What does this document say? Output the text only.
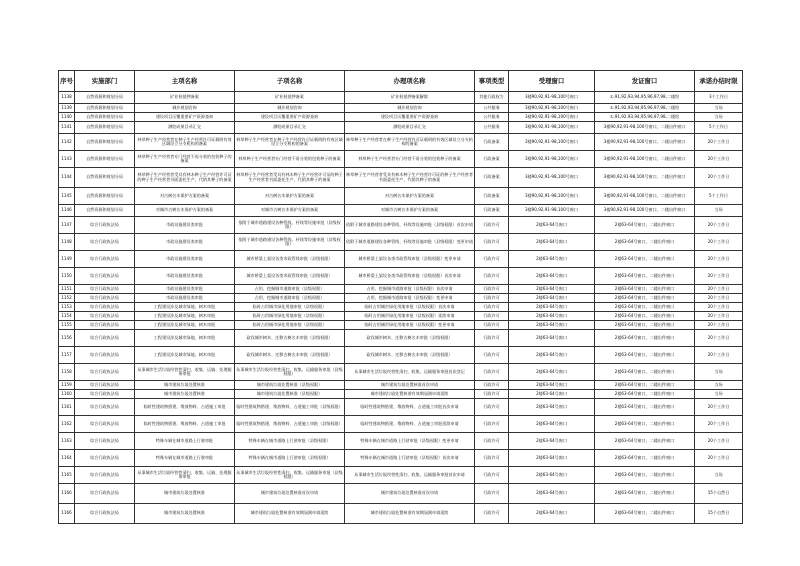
序号	实施部门	主项名称	子项名称	办理项名称	事项类型	受理窗口	发证窗口	承诺办结时限
1138	自然资源和规划分局	矿业权抵押备案	矿业权抵押备案	矿业权抵押备案解除	其他行政权力	3楼90,92,91-98,100号窗口	①,91,92,93,94,95,96,97,98,二楼绘	3个工作日
1139	自然资源和规划分局	城乡规划咨询	城乡规划咨询	城乡规划咨询	公共服务	3楼90,92,91-98,100号窗口	①,91,92,93,94,95,96,97,98,二楼绘	当场
1140	自然资源和规划分局	建设项目压覆重要矿产资源查询	建设项目压覆重要矿产资源查询	建设项目压覆重要矿产资源查询	公共服务	3楼90,92,91-98,100号窗口	①,91,92,93,94,95,96,97,98,二楼绘	当场
1141	自然资源和规划分局	测绘成果目录汇交	测绘成果目录汇交	测绘成果目录汇交	公共服务	3楼90,92,91-98,100号窗口	3楼90,92,91-98,100号窗口，二楼出件窗口	5个工作日
1142	自然资源和规划分局	林草种子生产经营者在种子生产经营许可证载明有效区域设立分支机构的备案	林草种子生产经营者在种子生产经营许可证载明的有效区域设立分支机构的备案	林草种子生产经营者在种子生产经营许可证载明的有效区域设立分支机构的备案	行政备案	3楼90,92,91-98,100号窗口	3楼90,92,91-98,100号窗口，二楼出件窗口	20个工作日
1143	自然资源和规划分局	林草种子生产经营者专门经营不再分装的包装种子的备案	林草种子生产经营者专门经营不再分装的包装种子的备案	林草种子生产经营者专门经营不再分装的包装种子的备案	行政备案	3楼90,92,91-98,100号窗口	3楼90,92,91-98,100号窗口，二楼出件窗口	20个工作日
1144	自然资源和规划分局	林草种子生产经营者受具有林木种子生产经营许可证的种子生产经营者书面委托生产、代销其种子的备案	林草种子生产经营者受具有林木种子生产经营许可证的种子生产经营者书面委托生产、代销其种子的备案	林草种子生产经营者受具有林木种子生产经营许可证的种子生产经营者书面委托生产、代销其种子的备案	行政备案	3楼90,92,91-98,100号窗口	3楼90,92,91-98,100号窗口，二楼出件窗口	20个工作日
1145	自然资源和规划分局	对古树名木保护方案的备案	对古树名木保护方案的备案	对古树名木保护方案的备案	行政备案	3楼90,92,91-98,100号窗口	3楼90,92,91-98,100号窗口，二楼出件窗口	5个工作日
1146	自然资源和规划分局	对城市古树名木保护方案的备案	对城市古树名木保护方案的备案	对城市古树名木保护方案的备案	行政备案	3楼90,92,91-98,100号窗口	3楼90,92,91-98,100号窗口，二楼出件窗口	当场
1147	综合行政执法局	市政设施建设类审批	依附于城市道路建设各种管线、杆线等设施审批（县级权限）	依附于城市道路建设各种管线、杆线等设施审批（县级权限）首次申请	行政许可	2楼63-64号窗口	2楼63-64号窗口，二楼出件窗口	20个工作日
1148	综合行政执法局	市政设施建设类审批	依附于城市道路建设各种管线、杆线等设施审批（县级权限）	依附于城市道路建设各种管线、杆线等设施审批（县级权限）变更申请	行政许可	2楼63-64号窗口	2楼63-64号窗口，二楼出件窗口	20个工作日
1149	综合行政执法局	市政设施建设类审批	城市桥梁上架设各类市政管线审批（县级权限）	城市桥梁上架设各类市政管线审批（县级权限）变更申请	行政许可	2楼63-64号窗口	2楼63-64号窗口，二楼出件窗口	20个工作日
1150	综合行政执法局	市政设施建设类审批	城市桥梁上架设各类市政管线审批（县级权限）	城市桥梁上架设各类市政管线审批（县级权限）首次申请	行政许可	2楼63-64号窗口	2楼63-64号窗口，二楼出件窗口	20个工作日
1151	综合行政执法局	市政设施建设类审批	占用、挖掘城市道路审批（县级权限）	占用、挖掘城市道路审批（县级权限）首次申请	行政许可	2楼63-64号窗口	2楼63-64号窗口，二楼出件窗口	20个工作日
1152	综合行政执法局	市政设施建设类审批	占用、挖掘城市道路审批（县级权限）	占用、挖掘城市道路审批（县级权限）变更申请	行政许可	2楼63-64号窗口	2楼63-64号窗口，二楼出件窗口	20个工作日
1153	综合行政执法局	工程建设涉及城市绿地、树木审批	临时占用城市绿化用地审批（县级权限）	临时占用城市绿化用地审批（县级权限）首次申请	行政许可	2楼63-64号窗口	2楼63-64号窗口，二楼出件窗口	20个工作日
1154	综合行政执法局	工程建设涉及城市绿地、树木审批	临时占用城市绿化用地审批（县级权限）	临时占用城市绿化用地审批（县级权限）延续申请	行政许可	2楼63-64号窗口	2楼63-64号窗口，二楼出件窗口	20个工作日
1155	综合行政执法局	工程建设涉及城市绿地、树木审批	临时占用城市绿化用地审批（县级权限）	临时占用城市绿化用地审批（县级权限）变更申请	行政许可	2楼63-64号窗口	2楼63-64号窗口，二楼出件窗口	20个工作日
1156	综合行政执法局	工程建设涉及城市绿地、树木审批	砍伐城市树木、迁移古树名木审批（县级权限）	砍伐城市树木、迁移古树名木审批（县级权限）	行政许可	2楼63-64号窗口	2楼63-64号窗口，二楼出件窗口	20个工作日
1157	综合行政执法局	工程建设涉及城市绿地、树木审批	砍伐城市树木、迁移古树名木审批（县级权限）	砍伐城市树木、迁移古树名木审批（县级权限）	行政许可	2楼63-64号窗口	2楼63-64号窗口，二楼出件窗口	20个工作日
1158	综合行政执法局	从事城市生活垃圾经营性清扫、收集、运输、处理服务审批	从事城市生活垃圾经营性清扫、收集、运输服务审批（县级权限）	从事城市生活垃圾经营性清扫、收集、运输服务审批首次登记	行政许可	2楼63-64号窗口	2楼63-64号窗口，二楼出件窗口	当场
1159	综合行政执法局	城市建筑垃圾处置核准	城市建筑垃圾处置核准（县级权限）	城市建筑垃圾处置核准首次申请	行政许可	2楼63-64号窗口	2楼63-64号窗口，二楼出件窗口	当场
1160	综合行政执法局	城市建筑垃圾处置核准	城市建筑垃圾处置核准（县级权限）	城市建筑垃圾处置核准有效期届满申请延续	行政许可	2楼63-64号窗口	2楼63-64号窗口，二楼出件窗口	当场
1161	综合行政执法局	临时性建筑物搭建、堆放物料、占道施工审批	临时性建筑物搭建、堆放物料、占道施工审批（县级权限）	临时性建筑物搭建、堆放物料、占道施工审批首次申请	行政许可	2楼63-64号窗口	2楼63-64号窗口，二楼出件窗口	20个工作日
1162	综合行政执法局	临时性建筑物搭建、堆放物料、占道施工审批	临时性建筑物搭建、堆放物料、占道施工审批（县级权限）	临时性建筑物搭建、堆放物料、占道施工审批延续申请	行政许可	2楼63-64号窗口	2楼63-64号窗口，二楼出件窗口	20个工作日
1163	综合行政执法局	特殊车辆在城市道路上行驶审批	特殊车辆在城市道路上行驶审批（县级权限）	特殊车辆在城市道路上行驶审批（县级权限）变更申请	行政许可	2楼63-64号窗口	2楼63-64号窗口，二楼出件窗口	20个工作日
1164	综合行政执法局	特殊车辆在城市道路上行驶审批	特殊车辆在城市道路上行驶审批（县级权限）	特殊车辆在城市道路上行驶审批（县级权限）首次申请	行政许可	2楼63-64号窗口	2楼63-64号窗口，二楼出件窗口	20个工作日
1165	综合行政执法局	从事城市生活垃圾经营性清扫、收集、运输、处理服务审批	从事城市生活垃圾经营性清扫、收集、运输服务审批（县级权限）	从事城市生活垃圾经营性清扫、收集、运输服务审批首次申请	行政许可	2楼63-64号窗口	2楼63-64号窗口，二楼出件窗口	当场
1166	综合行政执法局	城市建筑垃圾处置核准	城市建筑垃圾处置核准首次申请	城市建筑垃圾处置核准首次申请	行政许可	2楼63-64号窗口	2楼63-64号窗口，二楼出件窗口	15个自然日
1166	综合行政执法局	城市建筑垃圾处置核准	城市建筑垃圾处置核准有效期届满申请延续	城市建筑垃圾处置核准有效期届满申请延续	行政许可	2楼63-64号窗口	2楼63-64号窗口，二楼出件窗口	15个自然日
